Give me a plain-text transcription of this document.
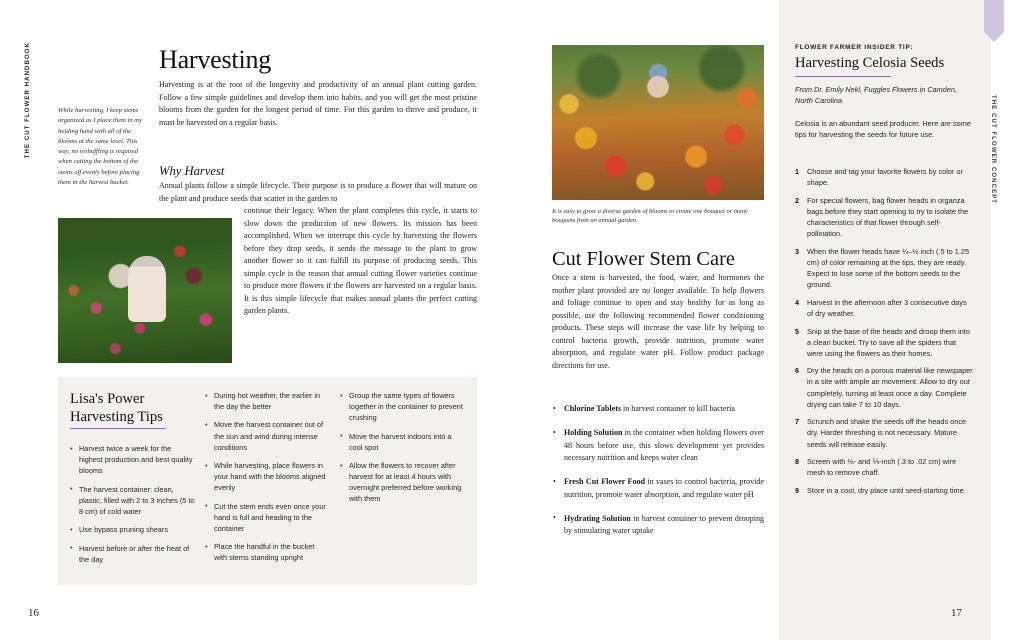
THE CUT FLOWER HANDBOOK	While harvesting, I keep stems organized as I place them in my holding hand with all of the blooms at the same level. This way, no reshuffling is required when cutting the bottom of the stems off evenly before placing them in the harvest bucket.
Harvesting
Harvesting is at the root of the longevity and productivity of an annual plant cutting garden. Follow a few simple guidelines and develop them into habits, and you will get the most pristine blooms from the garden for the longest period of time. For this garden to thrive and produce, it must be harvested on a regular basis.
Why Harvest
Annual plants follow a simple lifecycle. Their purpose is to produce a flower that will mature on the plant and produce seeds that scatter in the garden to
continue their legacy. When the plant completes this cycle, it starts to slow down the production of new flowers. Its mission has been accomplished. When we interrupt this cycle by harvesting the flowers before they drop seeds, it sends the message to the plant to grow another flower so it can fulfill its purpose of producing seeds. This simple cycle is the reason that annual cutting flower varieties continue to produce more flowers if the flowers are harvested on a regular basis. It is this simple lifecycle that makes annual plants the perfect cutting garden plants.
Lisa's Power Harvesting Tips
• Harvest twice a week for the highest production and best quality blooms
• The harvest container: clean, plastic, filled with 2 to 3 inches (5 to 8 cm) of cold water
• Use bypass pruning shears
• Harvest before or after the heat of the day
• During hot weather, the earlier in the day the better
• Move the harvest container out of the sun and wind during intense conditions
• While harvesting, place flowers in your hand with the blooms aligned evenly
• Cut the stem ends even once your hand is full and heading to the container
• Place the handful in the bucket with stems standing upright
• Group the same types of flowers together in the container to prevent crushing
• Move the harvest indoors into a cool spot
• Allow the flowers to recover after harvest for at least 4 hours with overnight preferred before working with them
16
It is easy to grow a diverse garden of blooms to create one bouquet or many bouquets from an annual garden.
Cut Flower Stem Care
Once a stem is harvested, the food, water, and hormones the mother plant provided are no longer available. To help flowers and foliage continue to open and stay healthy for as long as possible, use the following recommended flower conditioning products. These steps will increase the vase life by helping to control bacteria growth, provide nutrition, promote water absorption, and regulate water pH. Follow product package directions for use.
• Chlorine Tablets in harvest container to kill bacteria
• Holding Solution in the container when holding flowers over 48 hours before use, this slows development yet provides necessary nutrition and keeps water clean
• Fresh Cut Flower Food in vases to control bacteria, provide nutrition, promote water absorption, and regulate water pH
• Hydrating Solution in harvest container to prevent drooping by stimulating water uptake
FLOWER FARMER INSIDER TIP:
Harvesting Celosia Seeds
From Dr. Emily Nekl, Fuggles Flowers in Camden, North Carolina
Celosia is an abundant seed producer. Here are some tips for harvesting the seeds for future use.
Choose and tag your favorite flowers by color or shape.
For special flowers, bag flower heads in organza bags before they start opening to try to isolate the characteristics of that flower through self-pollination.
When the flower heads have ¼–½ inch (.5 to 1.25 cm) of color remaining at the tips, they are ready. Expect to lose some of the bottom seeds to the ground.
Harvest in the afternoon after 3 consecutive days of dry weather.
Snip at the base of the heads and droop them into a clean bucket. Try to save all the spiders that were using the flowers as their homes.
Dry the heads on a porous material like newspaper in a site with ample air movement. Allow to dry out completely, turning at least once a day. Complete drying can take 7 to 10 days.
Scrunch and shake the seeds off the heads once dry. Harder threshing is not necessary. Mature seeds will release easily.
Screen with ⅛- and ⅑-inch (.3 to .02 cm) wire mesh to remove chaff.
Store in a cool, dry place until seed-starting time.
THE CUT FLOWER CONCEPT
17
